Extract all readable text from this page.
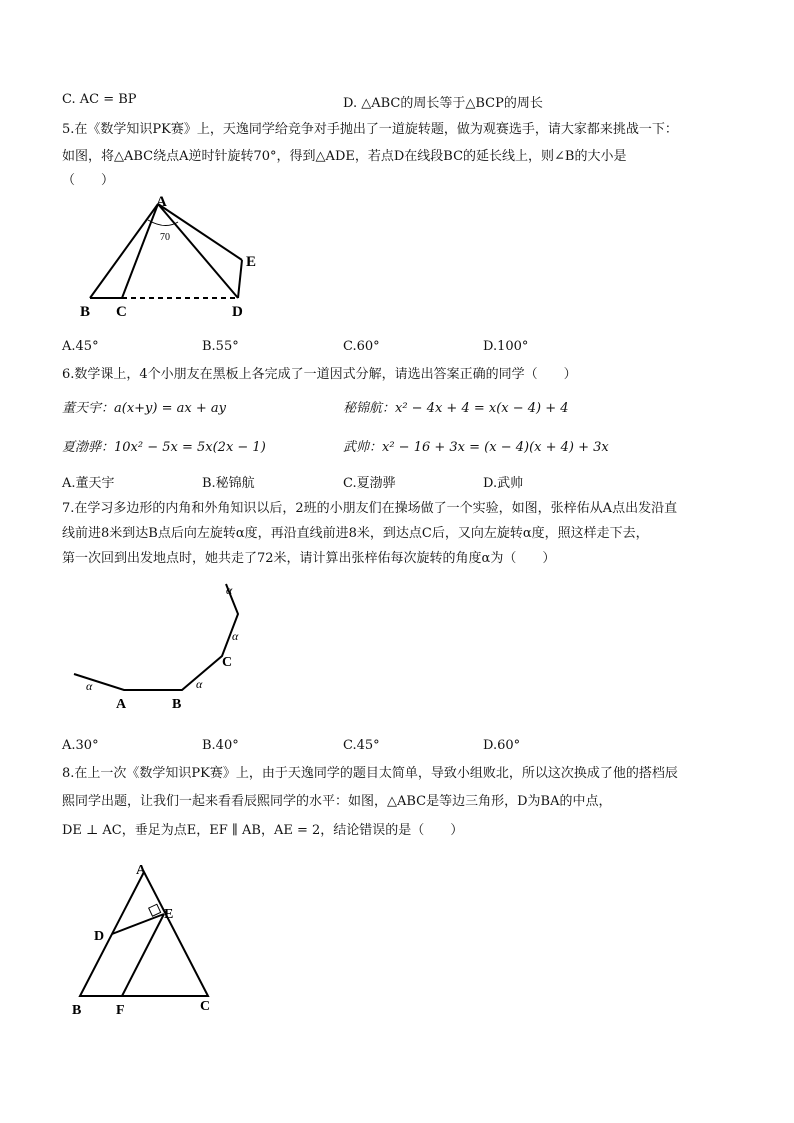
C. AC = BP	D. △ABC的周长等于△BCP的周长
5.在《数学知识PK赛》上，天逸同学给竞争对手抛出了一道旋转题，做为观赛选手，请大家都来挑战一下：
如图，将△ABC绕点A逆时针旋转70°，得到△ADE，若点D在线段BC的延长线上，则∠B的大小是
（　　）
A
B C	D
E
70
A.45°	B.55°	C.60°	D.100°
6.数学课上，4个小朋友在黑板上各完成了一道因式分解，请选出答案正确的同学（　　）
董天宇：a(x+y) = ax + ay	秘锦航：x² − 4x + 4 = x(x − 4) + 4
夏渤骅：10x² − 5x = 5x(2x − 1)	武帅：x² − 16 + 3x = (x − 4)(x + 4) + 3x
A.董天宇	B.秘锦航	C.夏渤骅	D.武帅
7.在学习多边形的内角和外角知识以后，2班的小朋友们在操场做了一个实验，如图，张梓佑从A点出发沿直
线前进8米到达B点后向左旋转α度，再沿直线前进8米，到达点C后，又向左旋转α度，照这样走下去，
第一次回到出发地点时，她共走了72米，请计算出张梓佑每次旋转的角度α为（　　）
A	B
C
α	α
α
α
A.30°	B.40°	C.45°	D.60°
8.在上一次《数学知识PK赛》上，由于天逸同学的题目太简单，导致小组败北，所以这次换成了他的搭档辰
熙同学出题，让我们一起来看看辰熙同学的水平：如图，△ABC是等边三角形，D为BA的中点，
DE ⊥ AC，垂足为点E，EF ∥ AB，AE = 2，结论错误的是（　　）
A
B	C
D
E
F
